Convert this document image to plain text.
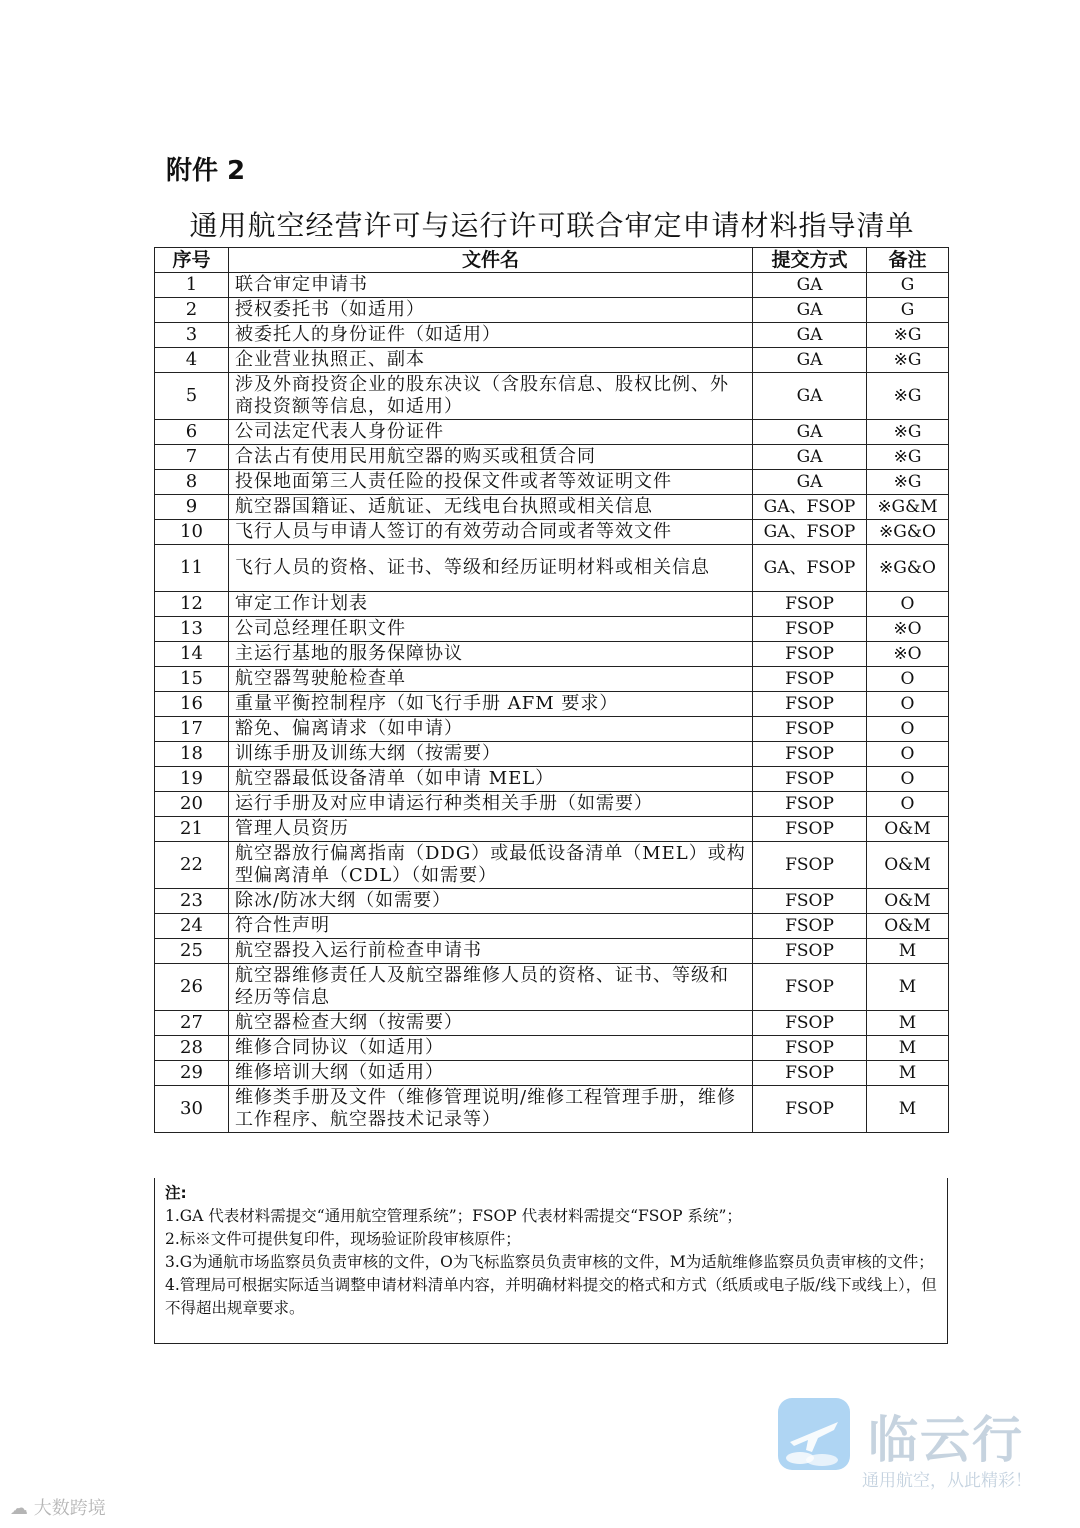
附件 2
通用航空经营许可与运行许可联合审定申请材料指导清单
序号	文件名	提交方式	备注
1	联合审定申请书	GA	G
2	授权委托书（如适用）	GA	G
3	被委托人的身份证件（如适用）	GA	※G
4	企业营业执照正、副本	GA	※G
5	涉及外商投资企业的股东决议（含股东信息、股权比例、外商投资额等信息，如适用）	GA	※G
6	公司法定代表人身份证件	GA	※G
7	合法占有使用民用航空器的购买或租赁合同	GA	※G
8	投保地面第三人责任险的投保文件或者等效证明文件	GA	※G
9	航空器国籍证、适航证、无线电台执照或相关信息	GA、FSOP	※G&M
10	飞行人员与申请人签订的有效劳动合同或者等效文件	GA、FSOP	※G&O
11	飞行人员的资格、证书、等级和经历证明材料或相关信息	GA、FSOP	※G&O
12	审定工作计划表	FSOP	O
13	公司总经理任职文件	FSOP	※O
14	主运行基地的服务保障协议	FSOP	※O
15	航空器驾驶舱检查单	FSOP	O
16	重量平衡控制程序（如飞行手册 AFM 要求）	FSOP	O
17	豁免、偏离请求（如申请）	FSOP	O
18	训练手册及训练大纲（按需要）	FSOP	O
19	航空器最低设备清单（如申请 MEL）	FSOP	O
20	运行手册及对应申请运行种类相关手册（如需要）	FSOP	O
21	管理人员资历	FSOP	O&M
22	航空器放行偏离指南（DDG）或最低设备清单（MEL）或构型偏离清单（CDL）（如需要）	FSOP	O&M
23	除冰/防冰大纲（如需要）	FSOP	O&M
24	符合性声明	FSOP	O&M
25	航空器投入运行前检查申请书	FSOP	M
26	航空器维修责任人及航空器维修人员的资格、证书、等级和经历等信息	FSOP	M
27	航空器检查大纲（按需要）	FSOP	M
28	维修合同协议（如适用）	FSOP	M
29	维修培训大纲（如适用）	FSOP	M
30	维修类手册及文件（维修管理说明/维修工程管理手册，维修工作程序、航空器技术记录等）	FSOP	M
注:
1.GA 代表材料需提交“通用航空管理系统”；FSOP 代表材料需提交“FSOP 系统”；
2.标※文件可提供复印件，现场验证阶段审核原件；
3.G为通航市场监察员负责审核的文件，O为飞标监察员负责审核的文件，M为适航维修监察员负责审核的文件；
4.管理局可根据实际适当调整申请材料清单内容，并明确材料提交的格式和方式（纸质或电子版/线下或线上），但不得超出规章要求。
临云行
通用航空，从此精彩！
☁ 大数跨境
